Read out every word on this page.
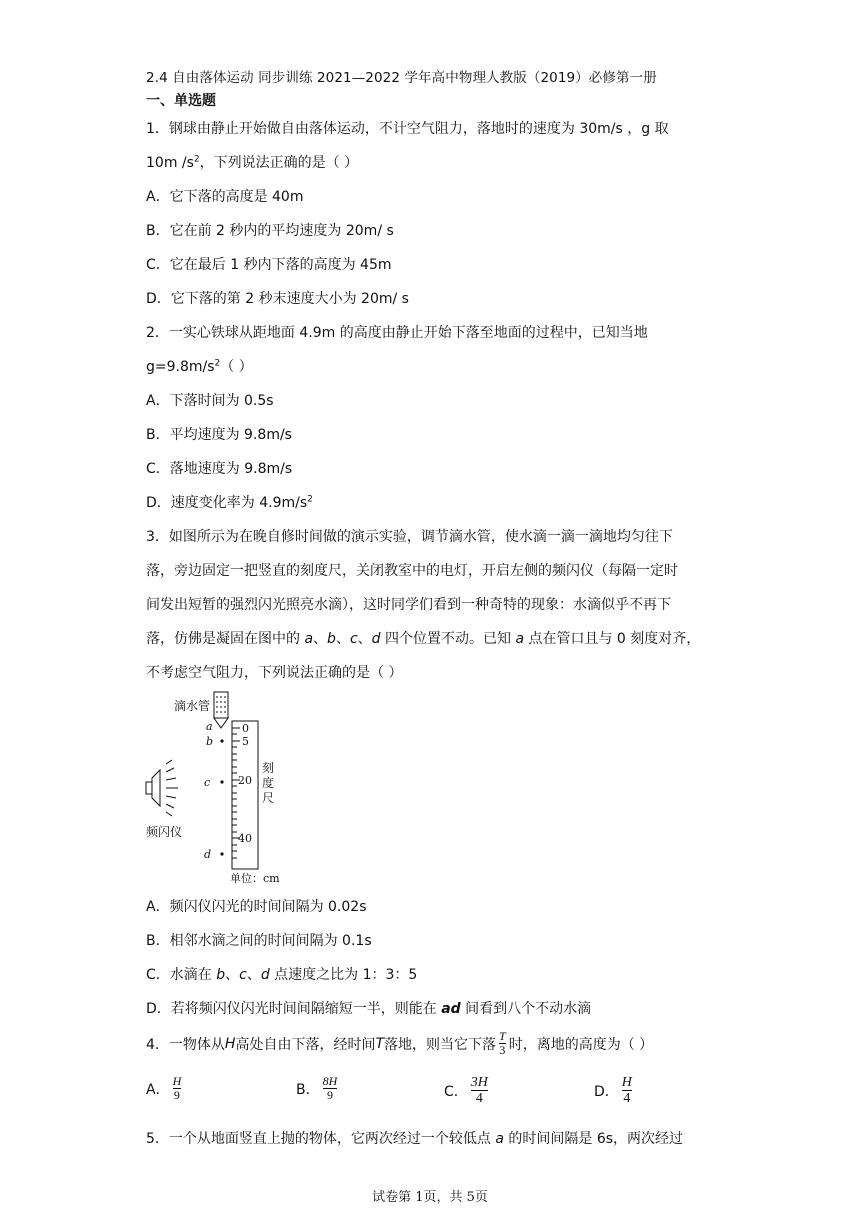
2.4 自由落体运动 同步训练 2021—2022 学年高中物理人教版（2019）必修第一册
一、单选题
1．钢球由静止开始做自由落体运动，不计空气阻力，落地时的速度为 30m/s ，g 取
10m $/s^2$，下列说法正确的是（ ）
A．它下落的高度是 40m
B．它在前 2 秒内的平均速度为 20m/ s
C．它在最后 1 秒内下落的高度为 45m
D．它下落的第 2 秒末速度大小为 20m/ s
2．一实心铁球从距地面 4.9m 的高度由静止开始下落至地面的过程中，已知当地
$g=9.8m/s^2$（ ）
A．下落时间为 0.5s
B．平均速度为 9.8m/s
C．落地速度为 9.8m/s
D．速度变化率为 $4.9m/s^2$
3．如图所示为在晚自修时间做的演示实验，调节滴水管，使水滴一滴一滴地均匀往下
落，旁边固定一把竖直的刻度尺，关闭教室中的电灯，开启左侧的频闪仪（每隔一定时
间发出短暂的强烈闪光照亮水滴），这时同学们看到一种奇特的现象：水滴似乎不再下
落，仿佛是凝固在图中的 a、b、c、d 四个位置不动。已知 a 点在管口且与 0 刻度对齐，
不考虑空气阻力，下列说法正确的是（ ）
滴水管
0
5
20
40
刻
度
尺
a
b
c
d
频闪仪
单位：cm
A．频闪仪闪光的时间间隔为 0.02s
B．相邻水滴之间的时间间隔为 0.1s
C．水滴在 b、c、d 点速度之比为 1：3：5
D．若将频闪仪闪光时间间隔缩短一半，则能在 ad 间看到八个不动水滴
4．一物体从 H 高处自由下落，经时间 T 落地，则当它下落 $\frac{T}{3}$ 时，离地的高度为（ ）
A． $\frac{H}{9}$	B． $\frac{8H}{9}$	C． $\frac{3H}{4}$	D． $\frac{H}{4}$
5．一个从地面竖直上抛的物体，它两次经过一个较低点 a 的时间间隔是 6s，两次经过
试卷第 1页，共 5页
